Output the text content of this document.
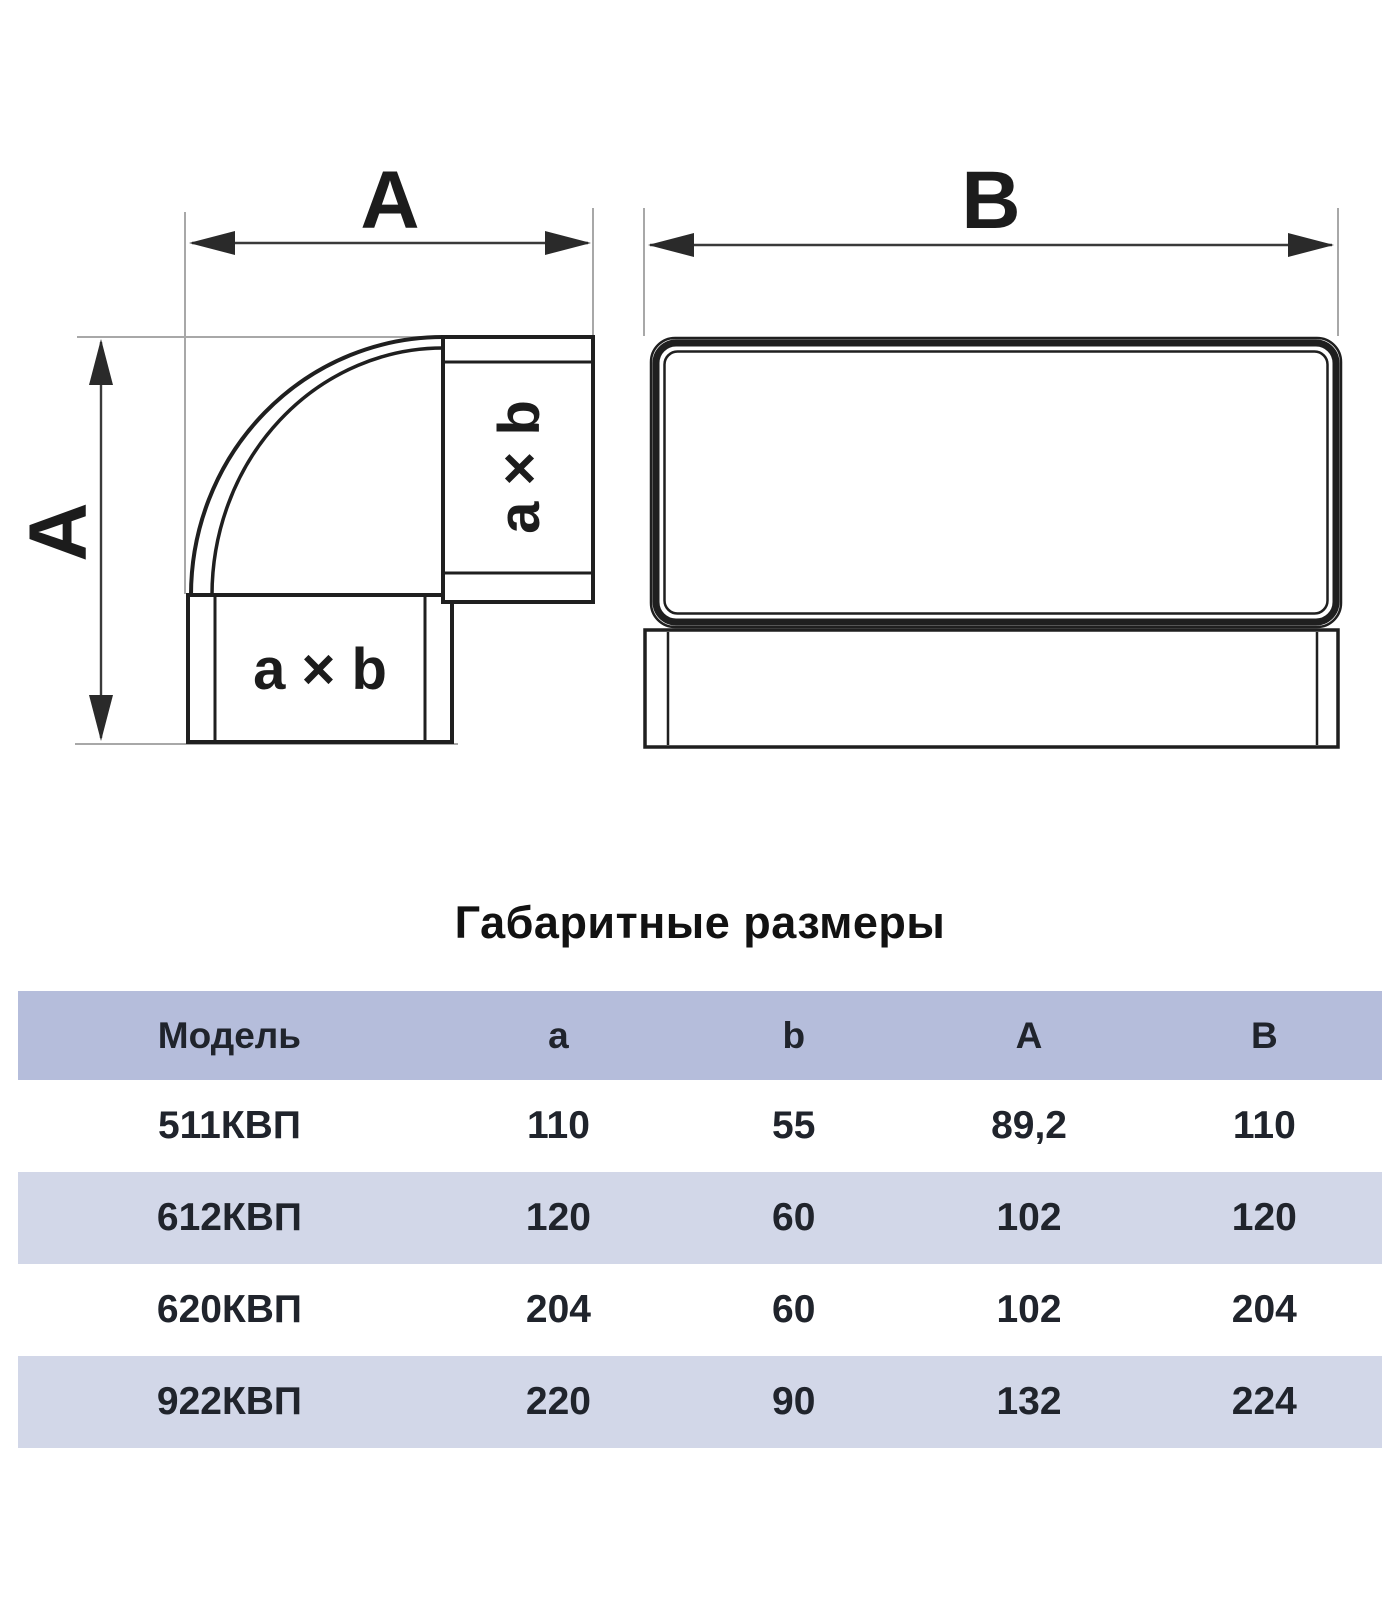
A
A
B
a × b
a × b
Габаритные размеры
Модель	a	b	A	B
511КВП	110	55	89,2	110
612КВП	120	60	102	120
620КВП	204	60	102	204
922КВП	220	90	132	224
